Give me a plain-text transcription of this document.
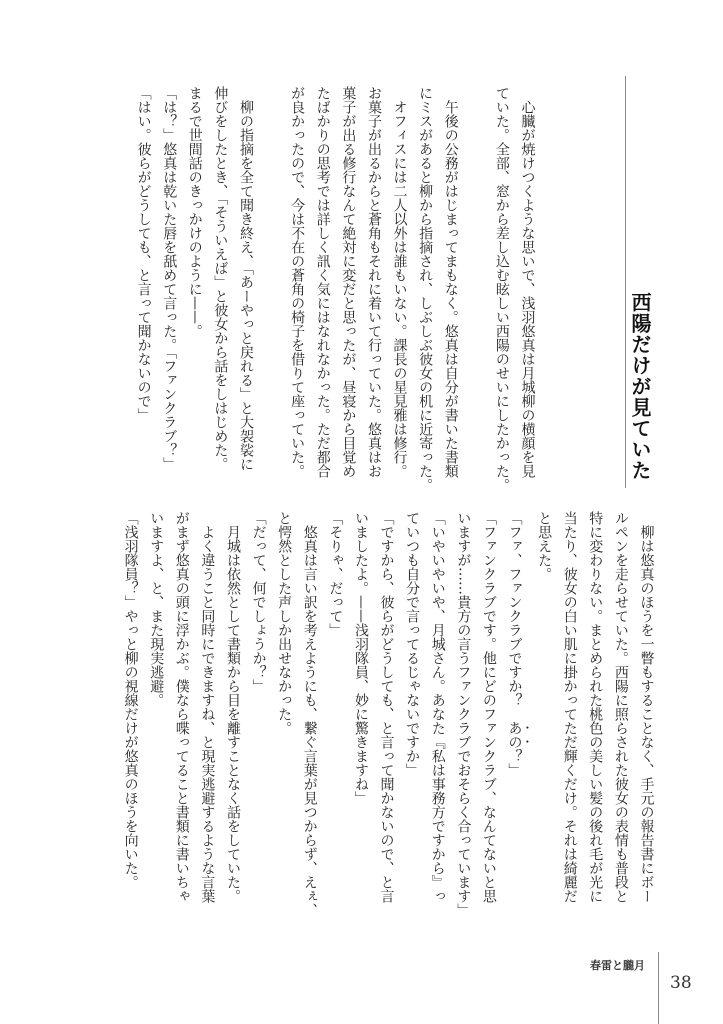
西陽だけが見ていた
　心臓が焼けつくような思いで、浅羽悠真は月城柳の横顔を見
ていた。全部、窓から差し込む眩しい西陽のせいにしたかった。

　午後の公務がはじまってまもなく。悠真は自分が書いた書類
にミスがあると柳から指摘され、しぶしぶ彼女の机に近寄った。
　オフィスには二人以外は誰もいない。課長の星見雅は修行。
お菓子が出るからと蒼角もそれに着いて行っていた。悠真はお
菓子が出る修行なんて絶対に変だと思ったが、昼寝から目覚め
たばかりの思考では詳しく訊く気にはなれなかった。ただ都合
が良かったので、今は不在の蒼角の椅子を借りて座っていた。

　柳の指摘を全て聞き終え、「あーやっと戻れる」と大袈裟に
伸びをしたとき、「そういえば」と彼女から話をしはじめた。
まるで世間話のきっかけのように——。
「は？」悠真は乾いた唇を舐めて言った。「ファンクラブ？」
「はい。彼らがどうしても、と言って聞かないので」
　柳は悠真のほうを一瞥もすることなく、手元の報告書にボー
ルペンを走らせていた。西陽に照らされた彼女の表情も普段と
特に変わりない。まとめられた桃色の美しい髪の後れ毛が光に
当たり、彼女の白い肌に掛かってただ輝くだけ。それは綺麗だ
と思えた。
「ファ、ファンクラブですか？　あの？」
「ファンクラブです。他にどのファンクラブ、なんてないと思
いますが……貴方の言うファンクラブでおそらく合っています」
「いやいやいや、月城さん。あなた『私は事務方ですから』っ
ていつも自分で言ってるじゃないですか」
「ですから、彼らがどうしても、と言って聞かないので、と言
いましたよ。——浅羽隊員、妙に驚きますね」
「そりゃ、だって」
　悠真は言い訳を考えようにも、繋ぐ言葉が見つからず、えぇ、
と愕然とした声しか出せなかった。
「だって、何でしょうか？」
　月城は依然として書類から目を離すことなく話をしていた。
　よく違うこと同時にできますね、と現実逃避するような言葉
がまず悠真の頭に浮かぶ。僕なら喋ってること書類に書いちゃ
いますよ、と、また現実逃避。
「浅羽隊員？」やっと柳の視線だけが悠真のほうを向いた。
春雷と朧月
38
